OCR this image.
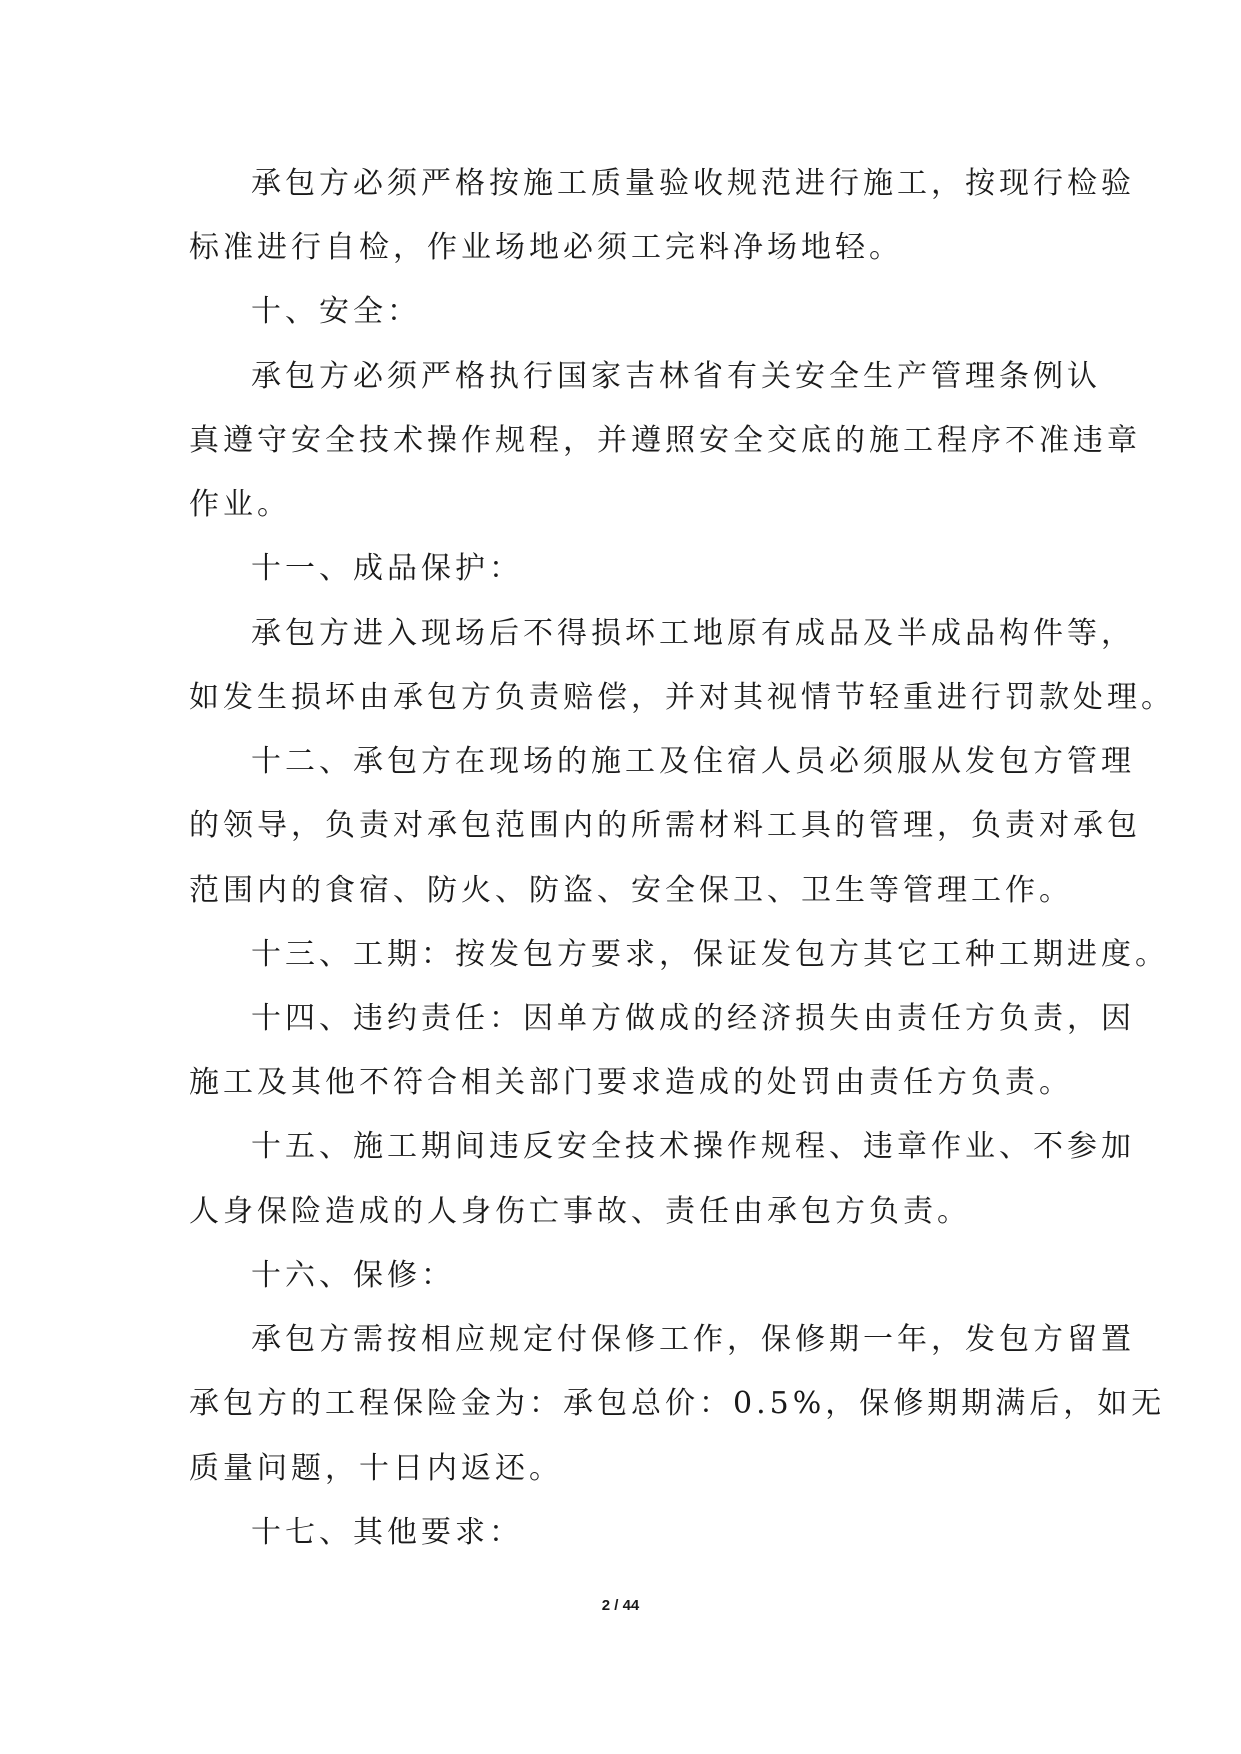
承包方必须严格按施工质量验收规范进行施工，按现行检验
标准进行自检，作业场地必须工完料净场地轻。
十、安全：
承包方必须严格执行国家吉林省有关安全生产管理条例认
真遵守安全技术操作规程，并遵照安全交底的施工程序不准违章
作业。
十一、成品保护：
承包方进入现场后不得损坏工地原有成品及半成品构件等，
如发生损坏由承包方负责赔偿，并对其视情节轻重进行罚款处理。
十二、承包方在现场的施工及住宿人员必须服从发包方管理
的领导，负责对承包范围内的所需材料工具的管理，负责对承包
范围内的食宿、防火、防盗、安全保卫、卫生等管理工作。
十三、工期：按发包方要求，保证发包方其它工种工期进度。
十四、违约责任：因单方做成的经济损失由责任方负责，因
施工及其他不符合相关部门要求造成的处罚由责任方负责。
十五、施工期间违反安全技术操作规程、违章作业、不参加
人身保险造成的人身伤亡事故、责任由承包方负责。
十六、保修：
承包方需按相应规定付保修工作，保修期一年，发包方留置
承包方的工程保险金为：承包总价：0.5%，保修期期满后，如无
质量问题，十日内返还。
十七、其他要求：
2 / 44
